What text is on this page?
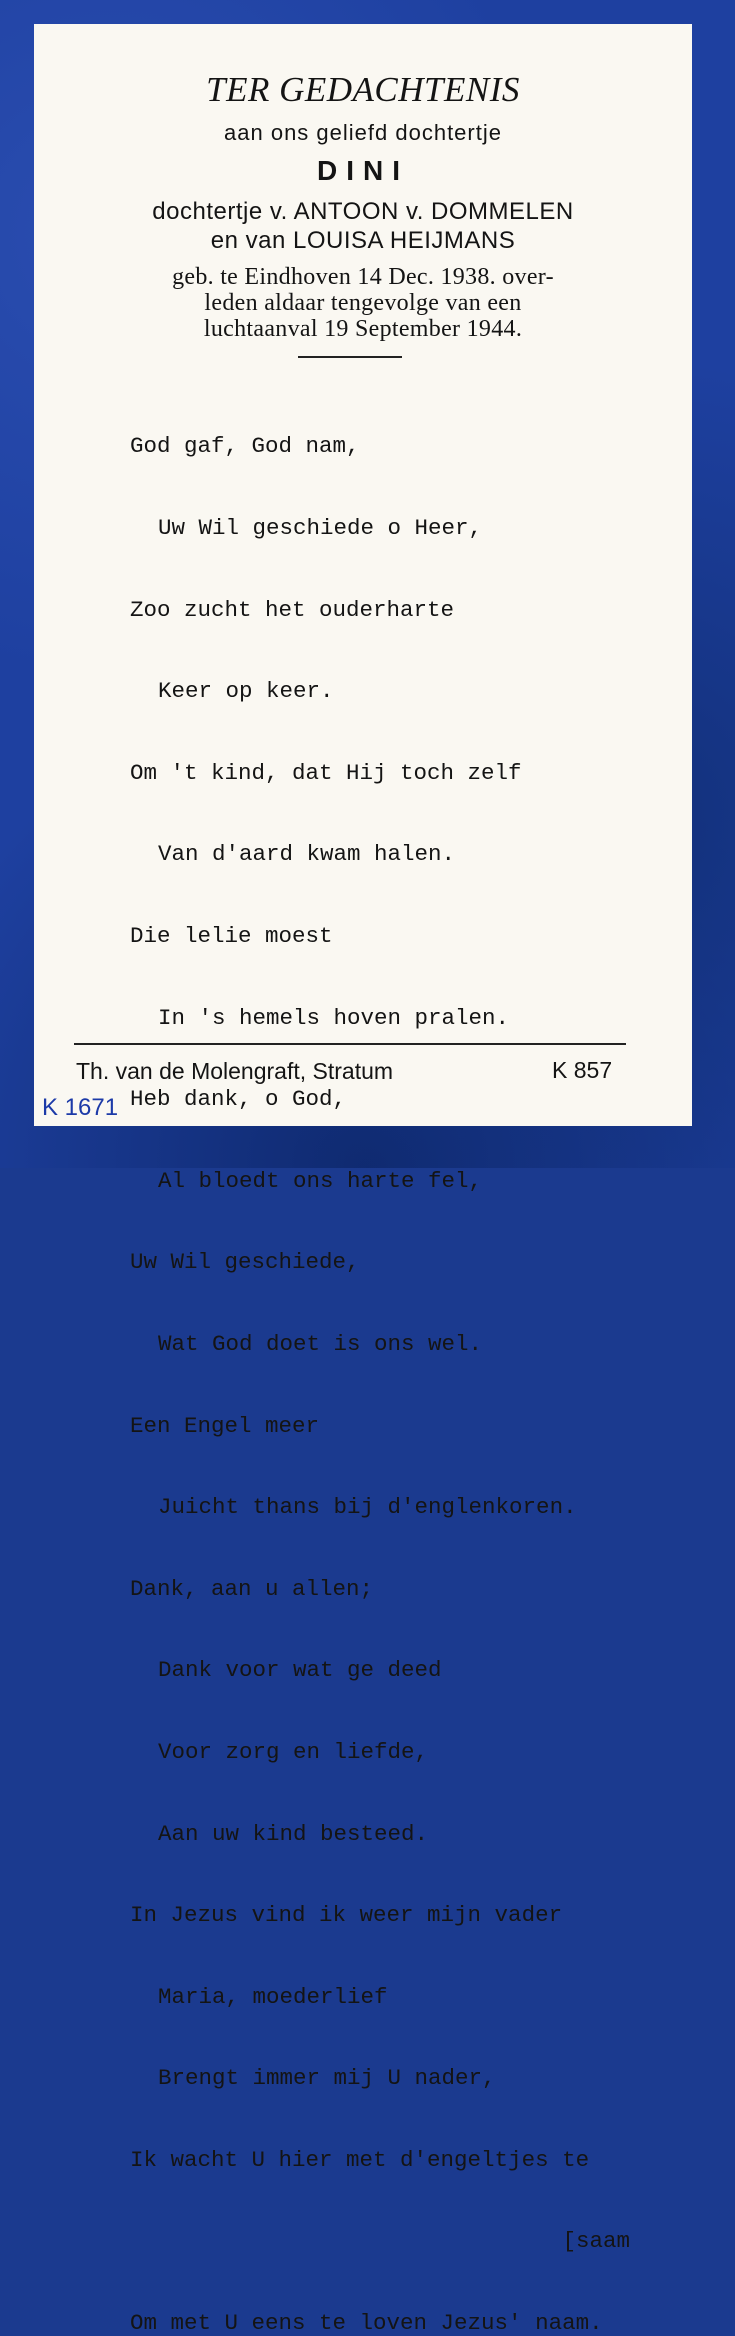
TER GEDACHTENIS
aan ons geliefd dochtertje
DINI
dochtertje v. ANTOON v. DOMMELEN
en van LOUISA HEIJMANS
geb. te Eindhoven 14 Dec. 1938. over-
leden aldaar tengevolge van een
luchtaanval 19 September 1944.

God gaf, God nam,

Uw Wil geschiede o Heer,

Zoo zucht het ouderharte

Keer op keer.

Om 't kind, dat Hij toch zelf

Van d'aard kwam halen.

Die lelie moest

In 's hemels hoven pralen.

Heb dank, o God,

Al bloedt ons harte fel,

Uw Wil geschiede,

Wat God doet is ons wel.

Een Engel meer

Juicht thans bij d'englenkoren.

Dank, aan u allen;

Dank voor wat ge deed

Voor zorg en liefde,

Aan uw kind besteed.

In Jezus vind ik weer mijn vader

Maria, moederlief

Brengt immer mij U nader,

Ik wacht U hier met d'engeltjes te

[saam

Om met U eens te loven Jezus' naam.

Th. van de Molengraft, Stratum	K 857
K 1671
